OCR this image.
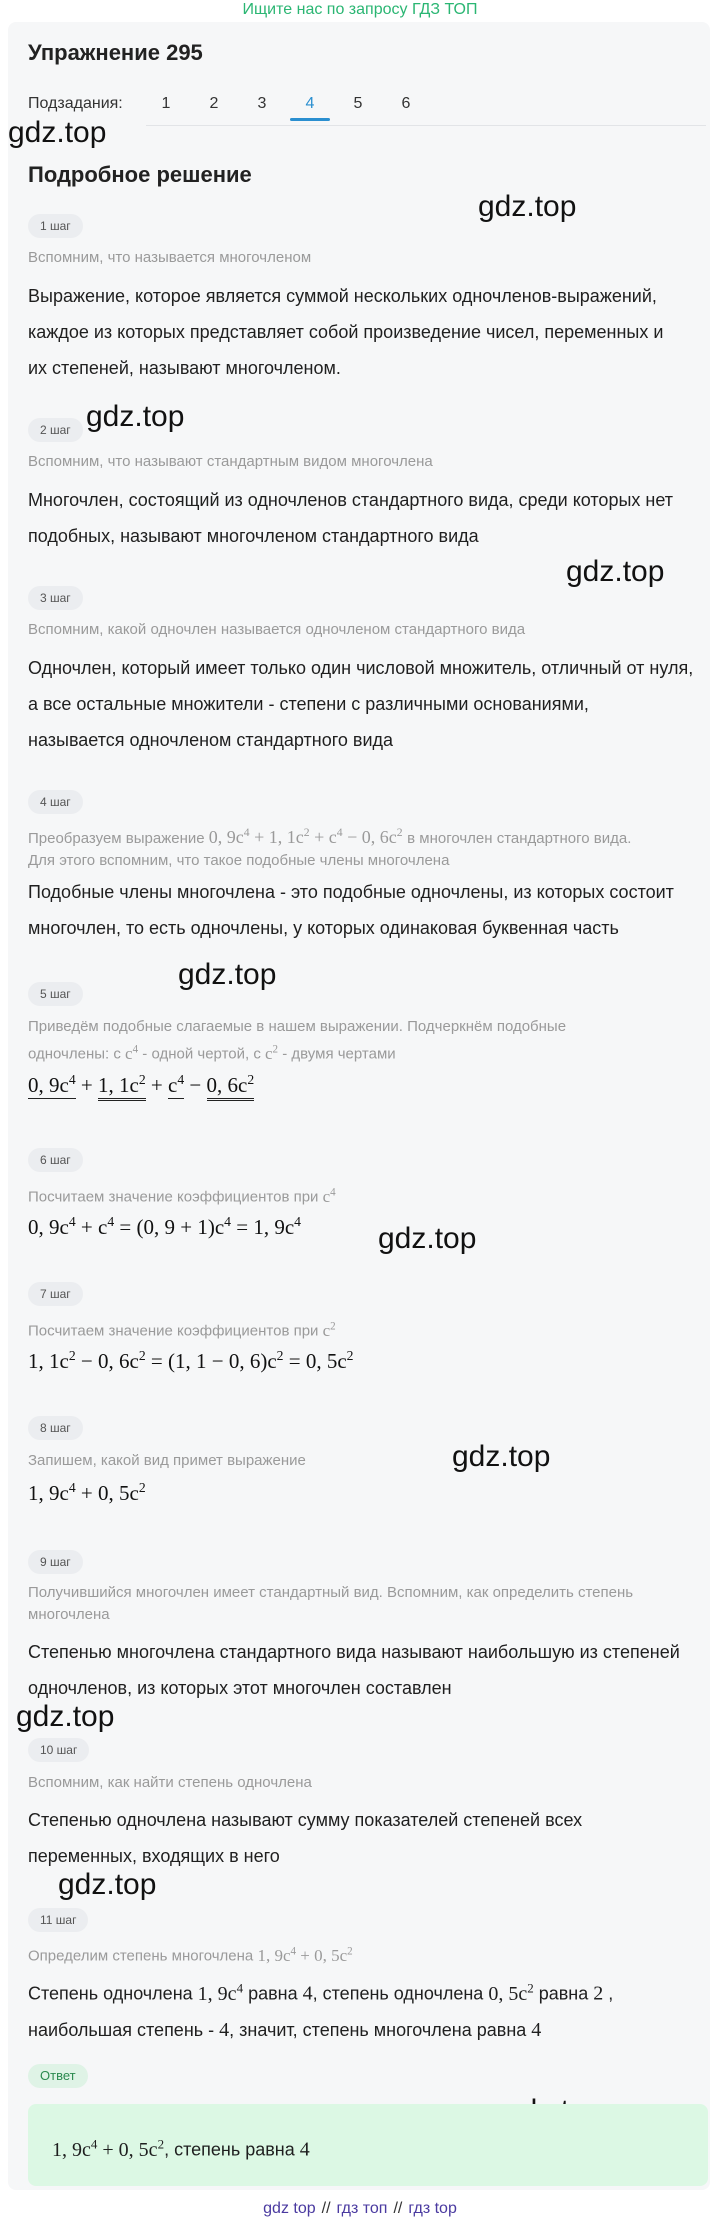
Ищите нас по запросу ГДЗ ТОП
Упражнение 295
Подзадания:	1	2	3	4	5	6
Подробное решение
gdz.top
gdz.top
gdz.top
gdz.top
gdz.top
gdz.top
gdz.top
gdz.top
gdz.top
1 шаг
Вспомним, что называется многочленом
Выражение, которое является суммой нескольких одночленов-выражений,
каждое из которых представляет собой произведение чисел, переменных и
их степеней, называют многочленом.
2 шаг
Вспомним, что называют стандартным видом многочлена
Многочлен, состоящий из одночленов стандартного вида, среди которых нет
подобных, называют многочленом стандартного вида
3 шаг
Вспомним, какой одночлен называется одночленом стандартного вида
Одночлен, который имеет только один числовой множитель, отличный от нуля,
а все остальные множители - степени с различными основаниями,
называется одночленом стандартного вида
4 шаг
Преобразуем выражение 0, $9c^4 + 1$, $1c^2 + c^4 - 0$, $6c^2$ в многочлен стандартного вида.
Для этого вспомним, что такое подобные члены многочлена
Подобные члены многочлена - это подобные одночлены, из которых состоит
многочлен, то есть одночлены, у которых одинаковая буквенная часть
5 шаг
Приведём подобные слагаемые в нашем выражении. Подчеркнём подобные
одночлены: с $c^4$ - одной чертой, с $c^2$ - двумя чертами
0, $9c^4 + 1$, $1c^2 + c^4 - 0$, $6c^2$
6 шаг
Посчитаем значение коэффициентов при $c^4$
0, $9c^4 + c^4 = (0$, $9 + 1)c^4 = 1$, $9c^4$
7 шаг
Посчитаем значение коэффициентов при $c^2$
1, $1c^2 - 0$, $6c^2 = (1$, 1 − 0, $6)c^2 = 0$, $5c^2$
8 шаг
Запишем, какой вид примет выражение
1, $9c^4 + 0$, $5c^2$
9 шаг
Получившийся многочлен имеет стандартный вид. Вспомним, как определить степень
многочлена
Степенью многочлена стандартного вида называют наибольшую из степеней
одночленов, из которых этот многочлен составлен
10 шаг
Вспомним, как найти степень одночлена
Степенью одночлена называют сумму показателей степеней всех
переменных, входящих в него
11 шаг
Определим степень многочлена 1, $9c^4 + 0$, $5c^2$
Степень одночлена 1, $9c^4$ равна 4, степень одночлена 0, $5c^2$ равна 2 ,
наибольшая степень - 4, значит, степень многочлена равна 4
Ответ
1, $9c^4 + 0$, $5c^2$, степень равна 4
gdz top // гдз топ // гдз top
